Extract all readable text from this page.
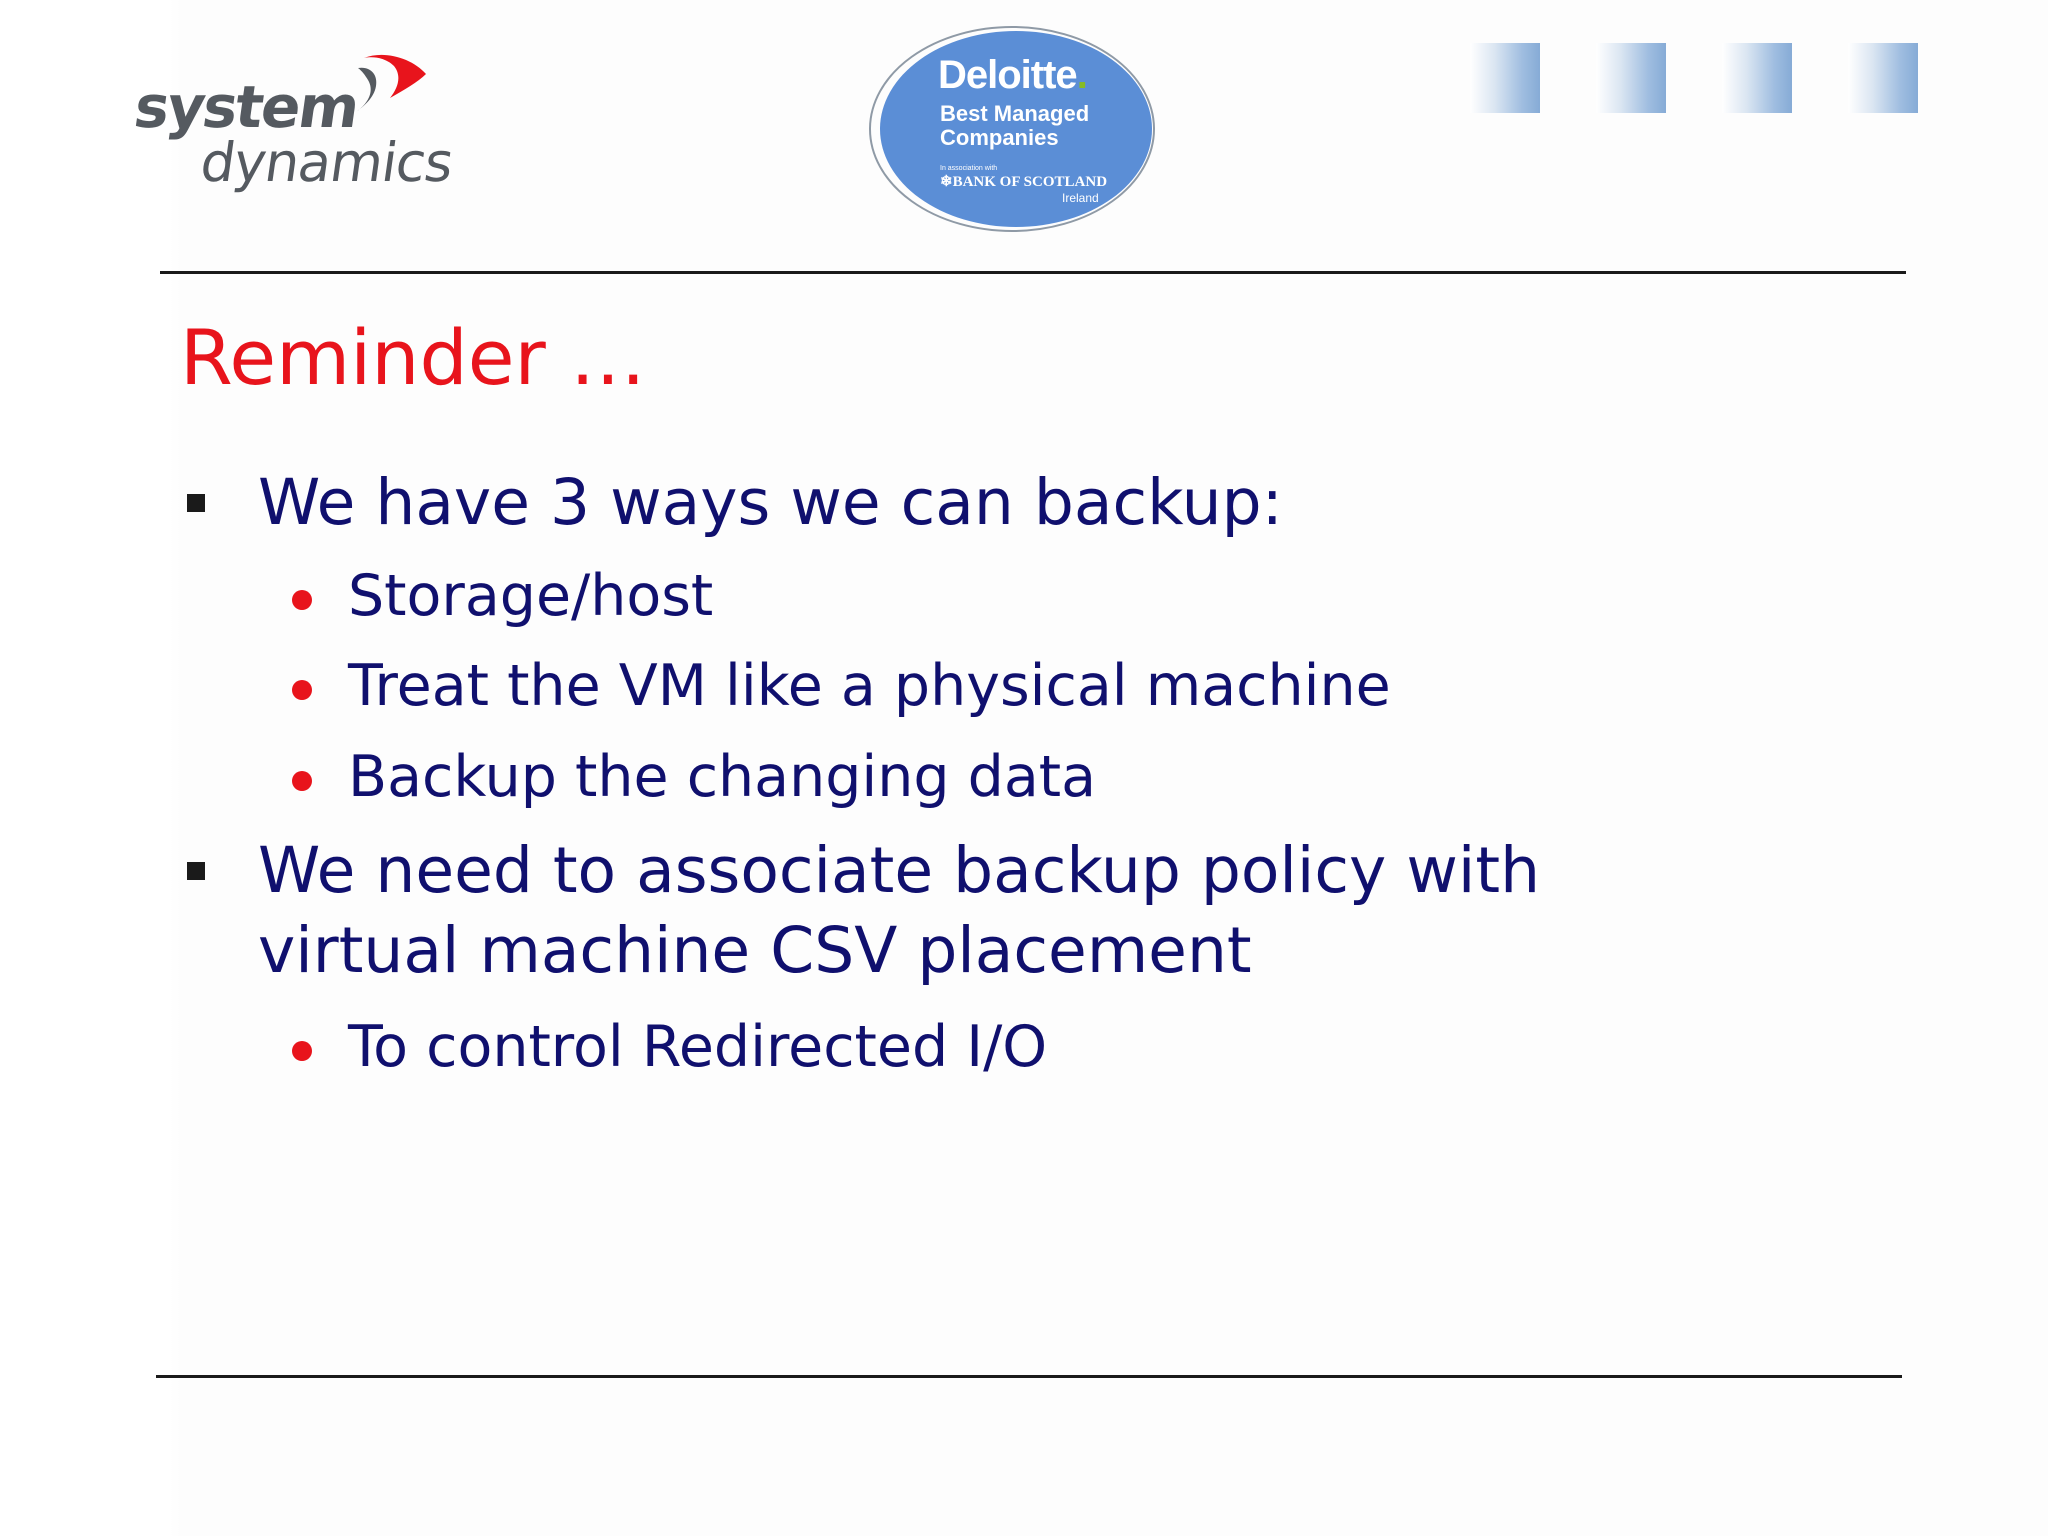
system
dynamics
Deloitte.
Best Managed
Companies
In association with
❄BANK OF SCOTLAND
Ireland
Reminder …
We have 3 ways we can backup:
Storage/host
Treat the VM like a physical machine
Backup the changing data
We need to associate backup policy with
virtual machine CSV placement
To control Redirected I/O
